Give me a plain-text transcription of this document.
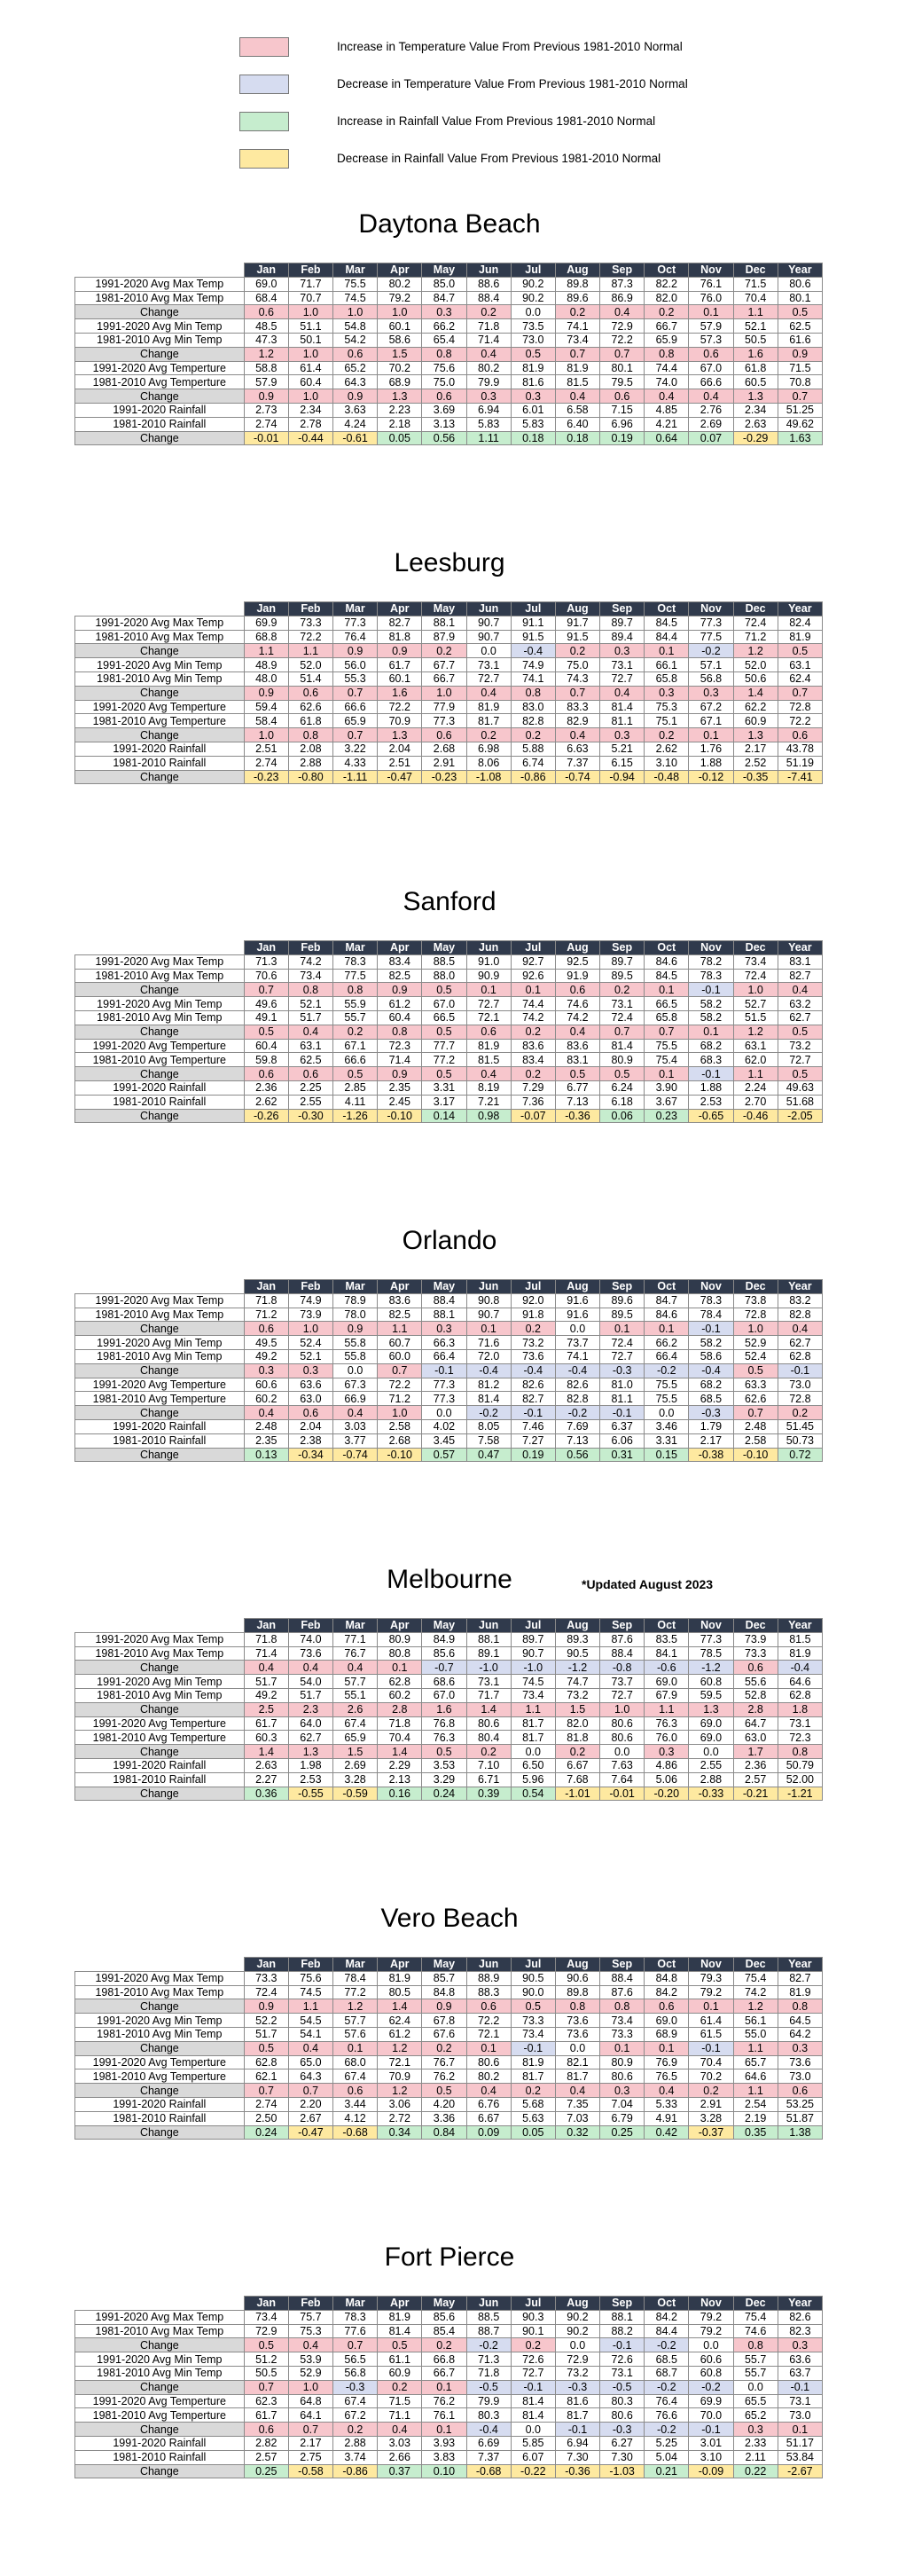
Increase in Temperature Value From Previous 1981-2010 Normal
Decrease in Temperature Value From Previous 1981-2010 Normal
Increase in Rainfall Value From Previous 1981-2010 Normal
Decrease in Rainfall Value From Previous 1981-2010 Normal
Daytona Beach
	Jan	Feb	Mar	Apr	May	Jun	Jul	Aug	Sep	Oct	Nov	Dec	Year
1991-2020 Avg Max Temp	69.0	71.7	75.5	80.2	85.0	88.6	90.2	89.8	87.3	82.2	76.1	71.5	80.6
1981-2010 Avg Max Temp	68.4	70.7	74.5	79.2	84.7	88.4	90.2	89.6	86.9	82.0	76.0	70.4	80.1
Change	0.6	1.0	1.0	1.0	0.3	0.2	0.0	0.2	0.4	0.2	0.1	1.1	0.5
1991-2020 Avg Min Temp	48.5	51.1	54.8	60.1	66.2	71.8	73.5	74.1	72.9	66.7	57.9	52.1	62.5
1981-2010 Avg Min Temp	47.3	50.1	54.2	58.6	65.4	71.4	73.0	73.4	72.2	65.9	57.3	50.5	61.6
Change	1.2	1.0	0.6	1.5	0.8	0.4	0.5	0.7	0.7	0.8	0.6	1.6	0.9
1991-2020 Avg Temperture	58.8	61.4	65.2	70.2	75.6	80.2	81.9	81.9	80.1	74.4	67.0	61.8	71.5
1981-2010 Avg Temperture	57.9	60.4	64.3	68.9	75.0	79.9	81.6	81.5	79.5	74.0	66.6	60.5	70.8
Change	0.9	1.0	0.9	1.3	0.6	0.3	0.3	0.4	0.6	0.4	0.4	1.3	0.7
1991-2020 Rainfall	2.73	2.34	3.63	2.23	3.69	6.94	6.01	6.58	7.15	4.85	2.76	2.34	51.25
1981-2010 Rainfall	2.74	2.78	4.24	2.18	3.13	5.83	5.83	6.40	6.96	4.21	2.69	2.63	49.62
Change	-0.01	-0.44	-0.61	0.05	0.56	1.11	0.18	0.18	0.19	0.64	0.07	-0.29	1.63
Leesburg
	Jan	Feb	Mar	Apr	May	Jun	Jul	Aug	Sep	Oct	Nov	Dec	Year
1991-2020 Avg Max Temp	69.9	73.3	77.3	82.7	88.1	90.7	91.1	91.7	89.7	84.5	77.3	72.4	82.4
1981-2010 Avg Max Temp	68.8	72.2	76.4	81.8	87.9	90.7	91.5	91.5	89.4	84.4	77.5	71.2	81.9
Change	1.1	1.1	0.9	0.9	0.2	0.0	-0.4	0.2	0.3	0.1	-0.2	1.2	0.5
1991-2020 Avg Min Temp	48.9	52.0	56.0	61.7	67.7	73.1	74.9	75.0	73.1	66.1	57.1	52.0	63.1
1981-2010 Avg Min Temp	48.0	51.4	55.3	60.1	66.7	72.7	74.1	74.3	72.7	65.8	56.8	50.6	62.4
Change	0.9	0.6	0.7	1.6	1.0	0.4	0.8	0.7	0.4	0.3	0.3	1.4	0.7
1991-2020 Avg Temperture	59.4	62.6	66.6	72.2	77.9	81.9	83.0	83.3	81.4	75.3	67.2	62.2	72.8
1981-2010 Avg Temperture	58.4	61.8	65.9	70.9	77.3	81.7	82.8	82.9	81.1	75.1	67.1	60.9	72.2
Change	1.0	0.8	0.7	1.3	0.6	0.2	0.2	0.4	0.3	0.2	0.1	1.3	0.6
1991-2020 Rainfall	2.51	2.08	3.22	2.04	2.68	6.98	5.88	6.63	5.21	2.62	1.76	2.17	43.78
1981-2010 Rainfall	2.74	2.88	4.33	2.51	2.91	8.06	6.74	7.37	6.15	3.10	1.88	2.52	51.19
Change	-0.23	-0.80	-1.11	-0.47	-0.23	-1.08	-0.86	-0.74	-0.94	-0.48	-0.12	-0.35	-7.41
Sanford
	Jan	Feb	Mar	Apr	May	Jun	Jul	Aug	Sep	Oct	Nov	Dec	Year
1991-2020 Avg Max Temp	71.3	74.2	78.3	83.4	88.5	91.0	92.7	92.5	89.7	84.6	78.2	73.4	83.1
1981-2010 Avg Max Temp	70.6	73.4	77.5	82.5	88.0	90.9	92.6	91.9	89.5	84.5	78.3	72.4	82.7
Change	0.7	0.8	0.8	0.9	0.5	0.1	0.1	0.6	0.2	0.1	-0.1	1.0	0.4
1991-2020 Avg Min Temp	49.6	52.1	55.9	61.2	67.0	72.7	74.4	74.6	73.1	66.5	58.2	52.7	63.2
1981-2010 Avg Min Temp	49.1	51.7	55.7	60.4	66.5	72.1	74.2	74.2	72.4	65.8	58.2	51.5	62.7
Change	0.5	0.4	0.2	0.8	0.5	0.6	0.2	0.4	0.7	0.7	0.1	1.2	0.5
1991-2020 Avg Temperture	60.4	63.1	67.1	72.3	77.7	81.9	83.6	83.6	81.4	75.5	68.2	63.1	73.2
1981-2010 Avg Temperture	59.8	62.5	66.6	71.4	77.2	81.5	83.4	83.1	80.9	75.4	68.3	62.0	72.7
Change	0.6	0.6	0.5	0.9	0.5	0.4	0.2	0.5	0.5	0.1	-0.1	1.1	0.5
1991-2020 Rainfall	2.36	2.25	2.85	2.35	3.31	8.19	7.29	6.77	6.24	3.90	1.88	2.24	49.63
1981-2010 Rainfall	2.62	2.55	4.11	2.45	3.17	7.21	7.36	7.13	6.18	3.67	2.53	2.70	51.68
Change	-0.26	-0.30	-1.26	-0.10	0.14	0.98	-0.07	-0.36	0.06	0.23	-0.65	-0.46	-2.05
Orlando
	Jan	Feb	Mar	Apr	May	Jun	Jul	Aug	Sep	Oct	Nov	Dec	Year
1991-2020 Avg Max Temp	71.8	74.9	78.9	83.6	88.4	90.8	92.0	91.6	89.6	84.7	78.3	73.8	83.2
1981-2010 Avg Max Temp	71.2	73.9	78.0	82.5	88.1	90.7	91.8	91.6	89.5	84.6	78.4	72.8	82.8
Change	0.6	1.0	0.9	1.1	0.3	0.1	0.2	0.0	0.1	0.1	-0.1	1.0	0.4
1991-2020 Avg Min Temp	49.5	52.4	55.8	60.7	66.3	71.6	73.2	73.7	72.4	66.2	58.2	52.9	62.7
1981-2010 Avg Min Temp	49.2	52.1	55.8	60.0	66.4	72.0	73.6	74.1	72.7	66.4	58.6	52.4	62.8
Change	0.3	0.3	0.0	0.7	-0.1	-0.4	-0.4	-0.4	-0.3	-0.2	-0.4	0.5	-0.1
1991-2020 Avg Temperture	60.6	63.6	67.3	72.2	77.3	81.2	82.6	82.6	81.0	75.5	68.2	63.3	73.0
1981-2010 Avg Temperture	60.2	63.0	66.9	71.2	77.3	81.4	82.7	82.8	81.1	75.5	68.5	62.6	72.8
Change	0.4	0.6	0.4	1.0	0.0	-0.2	-0.1	-0.2	-0.1	0.0	-0.3	0.7	0.2
1991-2020 Rainfall	2.48	2.04	3.03	2.58	4.02	8.05	7.46	7.69	6.37	3.46	1.79	2.48	51.45
1981-2010 Rainfall	2.35	2.38	3.77	2.68	3.45	7.58	7.27	7.13	6.06	3.31	2.17	2.58	50.73
Change	0.13	-0.34	-0.74	-0.10	0.57	0.47	0.19	0.56	0.31	0.15	-0.38	-0.10	0.72
Melbourne	*Updated August 2023
	Jan	Feb	Mar	Apr	May	Jun	Jul	Aug	Sep	Oct	Nov	Dec	Year
1991-2020 Avg Max Temp	71.8	74.0	77.1	80.9	84.9	88.1	89.7	89.3	87.6	83.5	77.3	73.9	81.5
1981-2010 Avg Max Temp	71.4	73.6	76.7	80.8	85.6	89.1	90.7	90.5	88.4	84.1	78.5	73.3	81.9
Change	0.4	0.4	0.4	0.1	-0.7	-1.0	-1.0	-1.2	-0.8	-0.6	-1.2	0.6	-0.4
1991-2020 Avg Min Temp	51.7	54.0	57.7	62.8	68.6	73.1	74.5	74.7	73.7	69.0	60.8	55.6	64.6
1981-2010 Avg Min Temp	49.2	51.7	55.1	60.2	67.0	71.7	73.4	73.2	72.7	67.9	59.5	52.8	62.8
Change	2.5	2.3	2.6	2.8	1.6	1.4	1.1	1.5	1.0	1.1	1.3	2.8	1.8
1991-2020 Avg Temperture	61.7	64.0	67.4	71.8	76.8	80.6	81.7	82.0	80.6	76.3	69.0	64.7	73.1
1981-2010 Avg Temperture	60.3	62.7	65.9	70.4	76.3	80.4	81.7	81.8	80.6	76.0	69.0	63.0	72.3
Change	1.4	1.3	1.5	1.4	0.5	0.2	0.0	0.2	0.0	0.3	0.0	1.7	0.8
1991-2020 Rainfall	2.63	1.98	2.69	2.29	3.53	7.10	6.50	6.67	7.63	4.86	2.55	2.36	50.79
1981-2010 Rainfall	2.27	2.53	3.28	2.13	3.29	6.71	5.96	7.68	7.64	5.06	2.88	2.57	52.00
Change	0.36	-0.55	-0.59	0.16	0.24	0.39	0.54	-1.01	-0.01	-0.20	-0.33	-0.21	-1.21
Vero Beach
	Jan	Feb	Mar	Apr	May	Jun	Jul	Aug	Sep	Oct	Nov	Dec	Year
1991-2020 Avg Max Temp	73.3	75.6	78.4	81.9	85.7	88.9	90.5	90.6	88.4	84.8	79.3	75.4	82.7
1981-2010 Avg Max Temp	72.4	74.5	77.2	80.5	84.8	88.3	90.0	89.8	87.6	84.2	79.2	74.2	81.9
Change	0.9	1.1	1.2	1.4	0.9	0.6	0.5	0.8	0.8	0.6	0.1	1.2	0.8
1991-2020 Avg Min Temp	52.2	54.5	57.7	62.4	67.8	72.2	73.3	73.6	73.4	69.0	61.4	56.1	64.5
1981-2010 Avg Min Temp	51.7	54.1	57.6	61.2	67.6	72.1	73.4	73.6	73.3	68.9	61.5	55.0	64.2
Change	0.5	0.4	0.1	1.2	0.2	0.1	-0.1	0.0	0.1	0.1	-0.1	1.1	0.3
1991-2020 Avg Temperture	62.8	65.0	68.0	72.1	76.7	80.6	81.9	82.1	80.9	76.9	70.4	65.7	73.6
1981-2010 Avg Temperture	62.1	64.3	67.4	70.9	76.2	80.2	81.7	81.7	80.6	76.5	70.2	64.6	73.0
Change	0.7	0.7	0.6	1.2	0.5	0.4	0.2	0.4	0.3	0.4	0.2	1.1	0.6
1991-2020 Rainfall	2.74	2.20	3.44	3.06	4.20	6.76	5.68	7.35	7.04	5.33	2.91	2.54	53.25
1981-2010 Rainfall	2.50	2.67	4.12	2.72	3.36	6.67	5.63	7.03	6.79	4.91	3.28	2.19	51.87
Change	0.24	-0.47	-0.68	0.34	0.84	0.09	0.05	0.32	0.25	0.42	-0.37	0.35	1.38
Fort Pierce
	Jan	Feb	Mar	Apr	May	Jun	Jul	Aug	Sep	Oct	Nov	Dec	Year
1991-2020 Avg Max Temp	73.4	75.7	78.3	81.9	85.6	88.5	90.3	90.2	88.1	84.2	79.2	75.4	82.6
1981-2010 Avg Max Temp	72.9	75.3	77.6	81.4	85.4	88.7	90.1	90.2	88.2	84.4	79.2	74.6	82.3
Change	0.5	0.4	0.7	0.5	0.2	-0.2	0.2	0.0	-0.1	-0.2	0.0	0.8	0.3
1991-2020 Avg Min Temp	51.2	53.9	56.5	61.1	66.8	71.3	72.6	72.9	72.6	68.5	60.6	55.7	63.6
1981-2010 Avg Min Temp	50.5	52.9	56.8	60.9	66.7	71.8	72.7	73.2	73.1	68.7	60.8	55.7	63.7
Change	0.7	1.0	-0.3	0.2	0.1	-0.5	-0.1	-0.3	-0.5	-0.2	-0.2	0.0	-0.1
1991-2020 Avg Temperture	62.3	64.8	67.4	71.5	76.2	79.9	81.4	81.6	80.3	76.4	69.9	65.5	73.1
1981-2010 Avg Temperture	61.7	64.1	67.2	71.1	76.1	80.3	81.4	81.7	80.6	76.6	70.0	65.2	73.0
Change	0.6	0.7	0.2	0.4	0.1	-0.4	0.0	-0.1	-0.3	-0.2	-0.1	0.3	0.1
1991-2020 Rainfall	2.82	2.17	2.88	3.03	3.93	6.69	5.85	6.94	6.27	5.25	3.01	2.33	51.17
1981-2010 Rainfall	2.57	2.75	3.74	2.66	3.83	7.37	6.07	7.30	7.30	5.04	3.10	2.11	53.84
Change	0.25	-0.58	-0.86	0.37	0.10	-0.68	-0.22	-0.36	-1.03	0.21	-0.09	0.22	-2.67
